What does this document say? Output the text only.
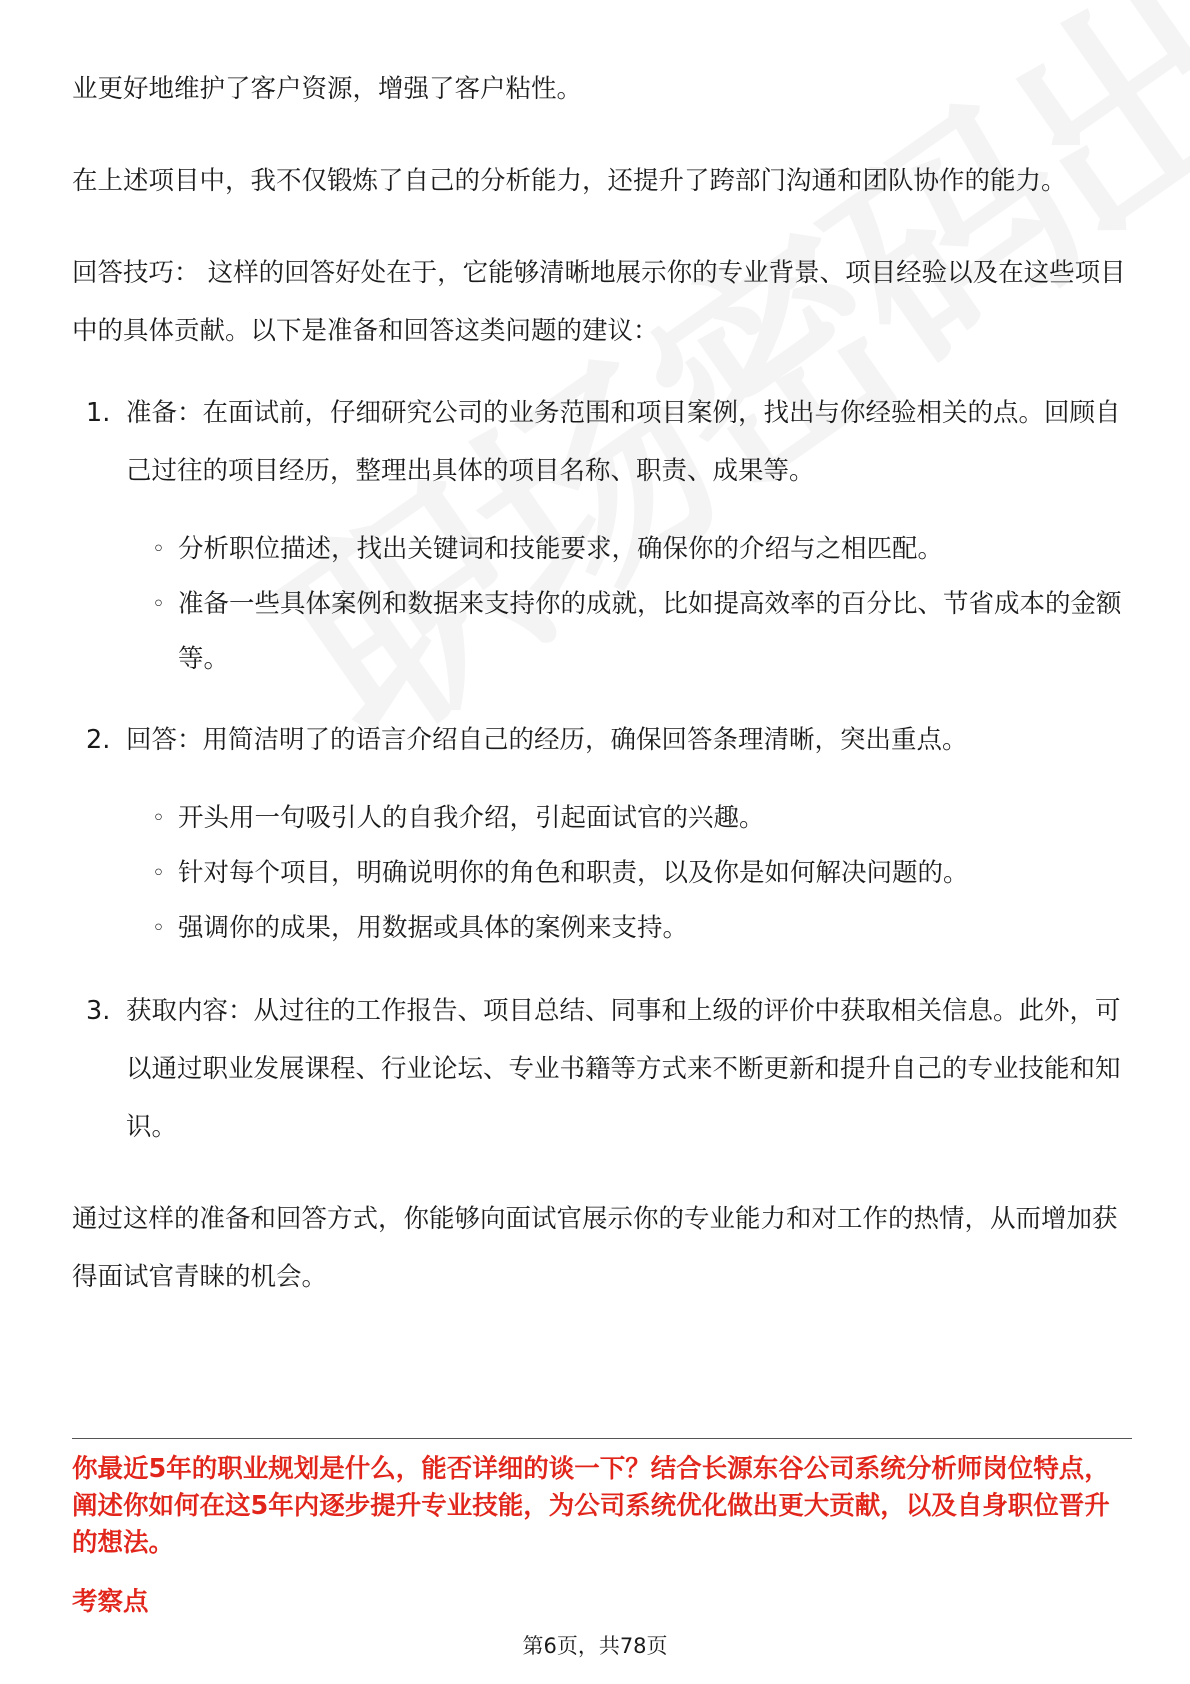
业更好地维护了客户资源，增强了客户粘性。

在上述项目中，我不仅锻炼了自己的分析能力，还提升了跨部门沟通和团队协作的能力。

回答技巧： 这样的回答好处在于，它能够清晰地展示你的专业背景、项目经验以及在这些项目中的具体贡献。以下是准备和回答这类问题的建议：

1. 准备：在面试前，仔细研究公司的业务范围和项目案例，找出与你经验相关的点。回顾自己过往的项目经历，整理出具体的项目名称、职责、成果等。
◦ 分析职位描述，找出关键词和技能要求，确保你的介绍与之相匹配。
◦ 准备一些具体案例和数据来支持你的成就，比如提高效率的百分比、节省成本的金额等。
2. 回答：用简洁明了的语言介绍自己的经历，确保回答条理清晰，突出重点。
◦ 开头用一句吸引人的自我介绍，引起面试官的兴趣。
◦ 针对每个项目，明确说明你的角色和职责，以及你是如何解决问题的。
◦ 强调你的成果，用数据或具体的案例来支持。
3. 获取内容：从过往的工作报告、项目总结、同事和上级的评价中获取相关信息。此外，可以通过职业发展课程、行业论坛、专业书籍等方式来不断更新和提升自己的专业技能和知识。

通过这样的准备和回答方式，你能够向面试官展示你的专业能力和对工作的热情，从而增加获得面试官青睐的机会。

你最近5年的职业规划是什么，能否详细的谈一下？结合长源东谷公司系统分析师岗位特点，阐述你如何在这5年内逐步提升专业技能，为公司系统优化做出更大贡献，以及自身职位晋升的想法。

考察点

第6页，共78页
